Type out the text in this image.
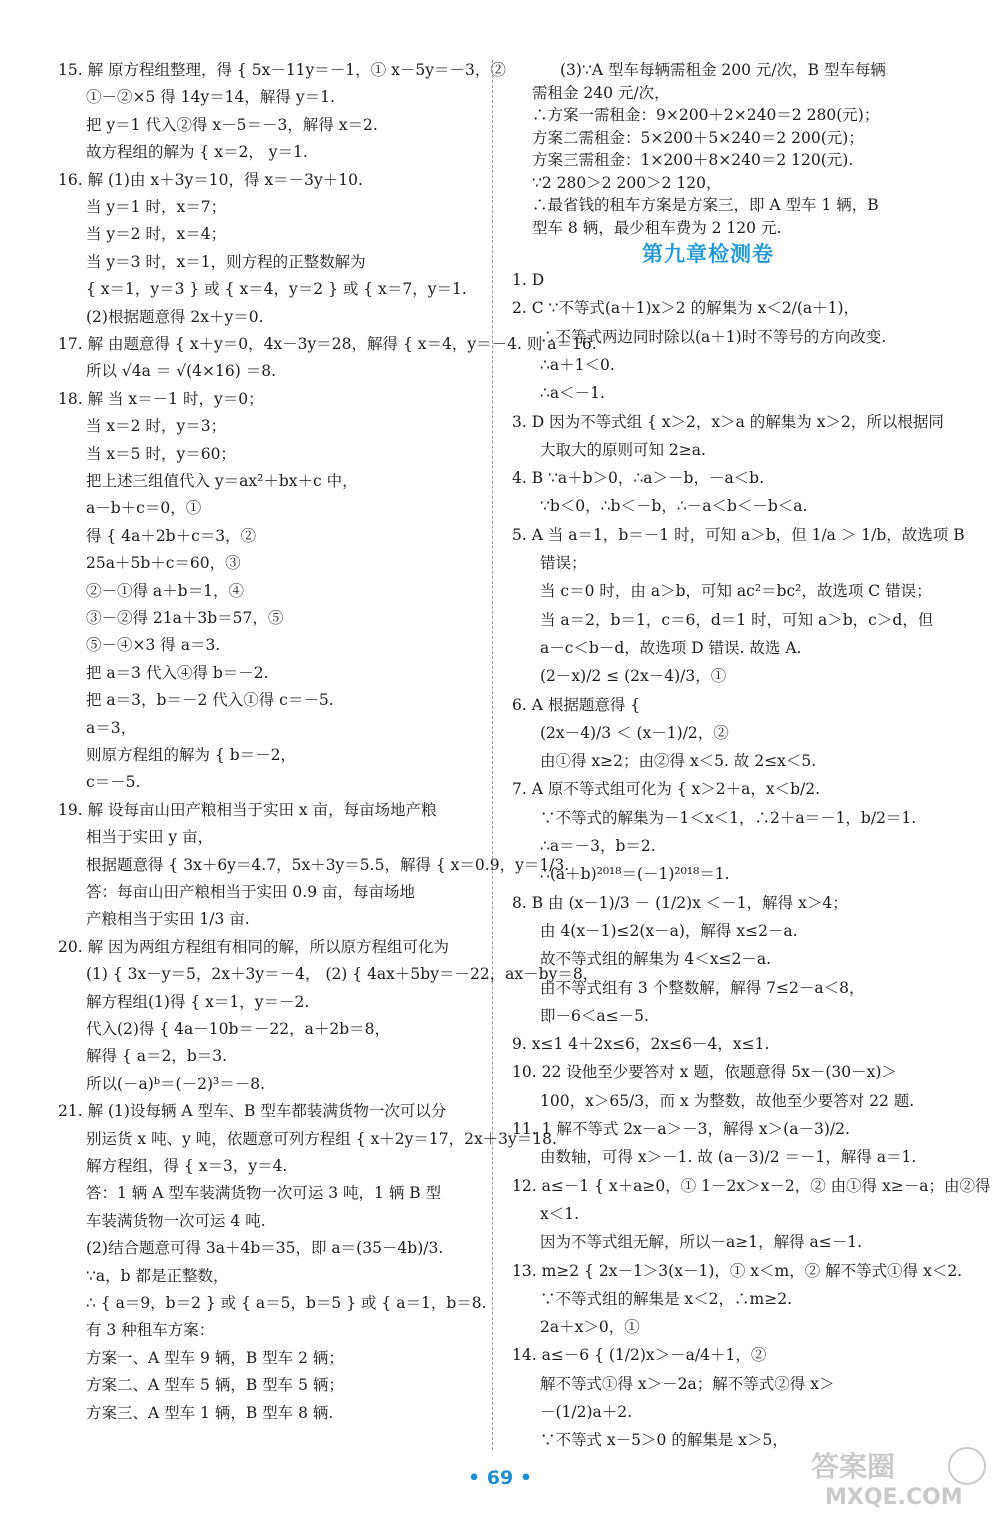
15. 解 原方程组整理，得 { 5x－11y＝－1，① x－5y＝－3，②
①－②×5 得 14y＝14，解得 y＝1.
把 y＝1 代入②得 x－5＝－3，解得 x＝2.
故方程组的解为 { x＝2， y＝1.
16. 解 (1)由 x＋3y＝10，得 x＝－3y＋10.
当 y＝1 时，x＝7；
当 y＝2 时，x＝4；
当 y＝3 时，x＝1，则方程的正整数解为
{ x＝1，y＝3 } 或 { x＝4，y＝2 } 或 { x＝7，y＝1.
(2)根据题意得 2x＋y＝0.
17. 解 由题意得 { x＋y＝0，4x－3y＝28，解得 { x＝4，y＝－4. 则 a＝16.
所以 √4a ＝ √(4×16) ＝8.
18. 解 当 x＝－1 时，y＝0；
当 x＝2 时，y＝3；
当 x＝5 时，y＝60；
把上述三组值代入 y＝ax²＋bx＋c 中，
a－b＋c＝0，①
得 { 4a＋2b＋c＝3，②
25a＋5b＋c＝60，③
②－①得 a＋b＝1，④
③－②得 21a＋3b＝57，⑤
⑤－④×3 得 a＝3.
把 a＝3 代入④得 b＝－2.
把 a＝3，b＝－2 代入①得 c＝－5.
a＝3，
则原方程组的解为 { b＝－2，
c＝－5.
19. 解 设每亩山田产粮相当于实田 x 亩，每亩场地产粮
相当于实田 y 亩，
根据题意得 { 3x＋6y＝4.7，5x＋3y＝5.5，解得 { x＝0.9，y＝1/3.
答：每亩山田产粮相当于实田 0.9 亩，每亩场地
产粮相当于实田 1/3 亩.
20. 解 因为两组方程组有相同的解，所以原方程组可化为
(1) { 3x－y＝5，2x＋3y＝－4， (2) { 4ax＋5by＝－22，ax－by＝8，
解方程组(1)得 { x＝1，y＝－2.
代入(2)得 { 4a－10b＝－22，a＋2b＝8，
解得 { a＝2，b＝3.
所以(－a)ᵇ＝(－2)³＝－8.
21. 解 (1)设每辆 A 型车、B 型车都装满货物一次可以分
别运货 x 吨、y 吨，依题意可列方程组 { x＋2y＝17，2x＋3y＝18.
解方程组，得 { x＝3，y＝4.
答：1 辆 A 型车装满货物一次可运 3 吨，1 辆 B 型
车装满货物一次可运 4 吨.
(2)结合题意可得 3a＋4b＝35，即 a＝(35－4b)/3.
∵a，b 都是正整数，
∴ { a＝9，b＝2 } 或 { a＝5，b＝5 } 或 { a＝1，b＝8.
有 3 种租车方案：
方案一、A 型车 9 辆，B 型车 2 辆；
方案二、A 型车 5 辆，B 型车 5 辆；
方案三、A 型车 1 辆，B 型车 8 辆.
(3)∵A 型车每辆需租金 200 元/次，B 型车每辆
需租金 240 元/次，
∴方案一需租金：9×200＋2×240＝2 280(元)；
方案二需租金：5×200＋5×240＝2 200(元)；
方案三需租金：1×200＋8×240＝2 120(元).
∵2 280＞2 200＞2 120，
∴最省钱的租车方案是方案三，即 A 型车 1 辆，B
型车 8 辆，最少租车费为 2 120 元.
第九章检测卷
1. D
2. C ∵不等式(a＋1)x＞2 的解集为 x＜2/(a＋1)，
∴不等式两边同时除以(a＋1)时不等号的方向改变.
∴a＋1＜0.
∴a＜－1.
3. D 因为不等式组 { x＞2，x＞a 的解集为 x＞2，所以根据同
大取大的原则可知 2≥a.
4. B ∵a＋b＞0，∴a＞－b，－a＜b.
∵b＜0，∴b＜－b，∴－a＜b＜－b＜a.
5. A 当 a＝1，b＝－1 时，可知 a＞b，但 1/a ＞ 1/b，故选项 B
错误；
当 c＝0 时，由 a＞b，可知 ac²＝bc²，故选项 C 错误；
当 a＝2，b＝1，c＝6，d＝1 时，可知 a＞b，c＞d，但
a－c＜b－d，故选项 D 错误. 故选 A.
(2－x)/2 ≤ (2x－4)/3，①
6. A 根据题意得 {
(2x－4)/3 ＜ (x－1)/2，②
由①得 x≥2；由②得 x＜5. 故 2≤x＜5.
7. A 原不等式组可化为 { x＞2＋a，x＜b/2.
∵不等式的解集为－1＜x＜1，∴2＋a＝－1，b/2＝1.
∴a＝－3，b＝2.
∴(a＋b)²⁰¹⁸＝(－1)²⁰¹⁸＝1.
8. B 由 (x－1)/3 － (1/2)x ＜－1，解得 x＞4；
由 4(x－1)≤2(x－a)，解得 x≤2－a.
故不等式组的解集为 4＜x≤2－a.
由不等式组有 3 个整数解，解得 7≤2－a＜8，
即－6＜a≤－5.
9. x≤1 4＋2x≤6，2x≤6－4，x≤1.
10. 22 设他至少要答对 x 题，依题意得 5x－(30－x)＞
100，x＞65/3，而 x 为整数，故他至少要答对 22 题.
11. 1 解不等式 2x－a＞－3，解得 x＞(a－3)/2.
由数轴，可得 x＞－1. 故 (a－3)/2 ＝－1，解得 a＝1.
12. a≤－1 { x＋a≥0，① 1－2x＞x－2，② 由①得 x≥－a；由②得
x＜1.
因为不等式组无解，所以－a≥1，解得 a≤－1.
13. m≥2 { 2x－1＞3(x－1)，① x＜m，② 解不等式①得 x＜2.
∵不等式组的解集是 x＜2，∴m≥2.
2a＋x＞0，①
14. a≤－6 { (1/2)x＞－a/4＋1，②
解不等式①得 x＞－2a；解不等式②得 x＞
－(1/2)a＋2.
∵不等式 x－5＞0 的解集是 x＞5，
• 69 •	答案圈
MXQE.COM
